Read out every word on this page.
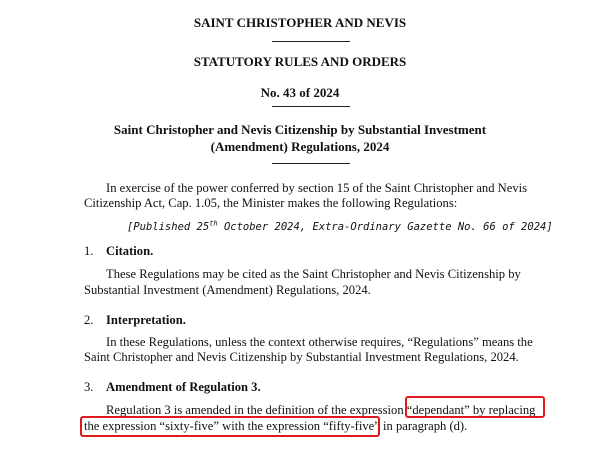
SAINT CHRISTOPHER AND NEVIS
STATUTORY RULES AND ORDERS
No. 43 of 2024
Saint Christopher and Nevis Citizenship by Substantial Investment
(Amendment) Regulations, 2024
In exercise of the power conferred by section 15 of the Saint Christopher and Nevis
Citizenship Act, Cap. 1.05, the Minister makes the following Regulations:
[Published 25th October 2024, Extra-Ordinary Gazette No. 66 of 2024]
1. Citation.
These Regulations may be cited as the Saint Christopher and Nevis Citizenship by
Substantial Investment (Amendment) Regulations, 2024.
2. Interpretation.
In these Regulations, unless the context otherwise requires, “Regulations” means the
Saint Christopher and Nevis Citizenship by Substantial Investment Regulations, 2024.
3. Amendment of Regulation 3.
Regulation 3 is amended in the definition of the expression “dependant” by replacing
the expression “sixty-five” with the expression “fifty-five” in paragraph (d).
